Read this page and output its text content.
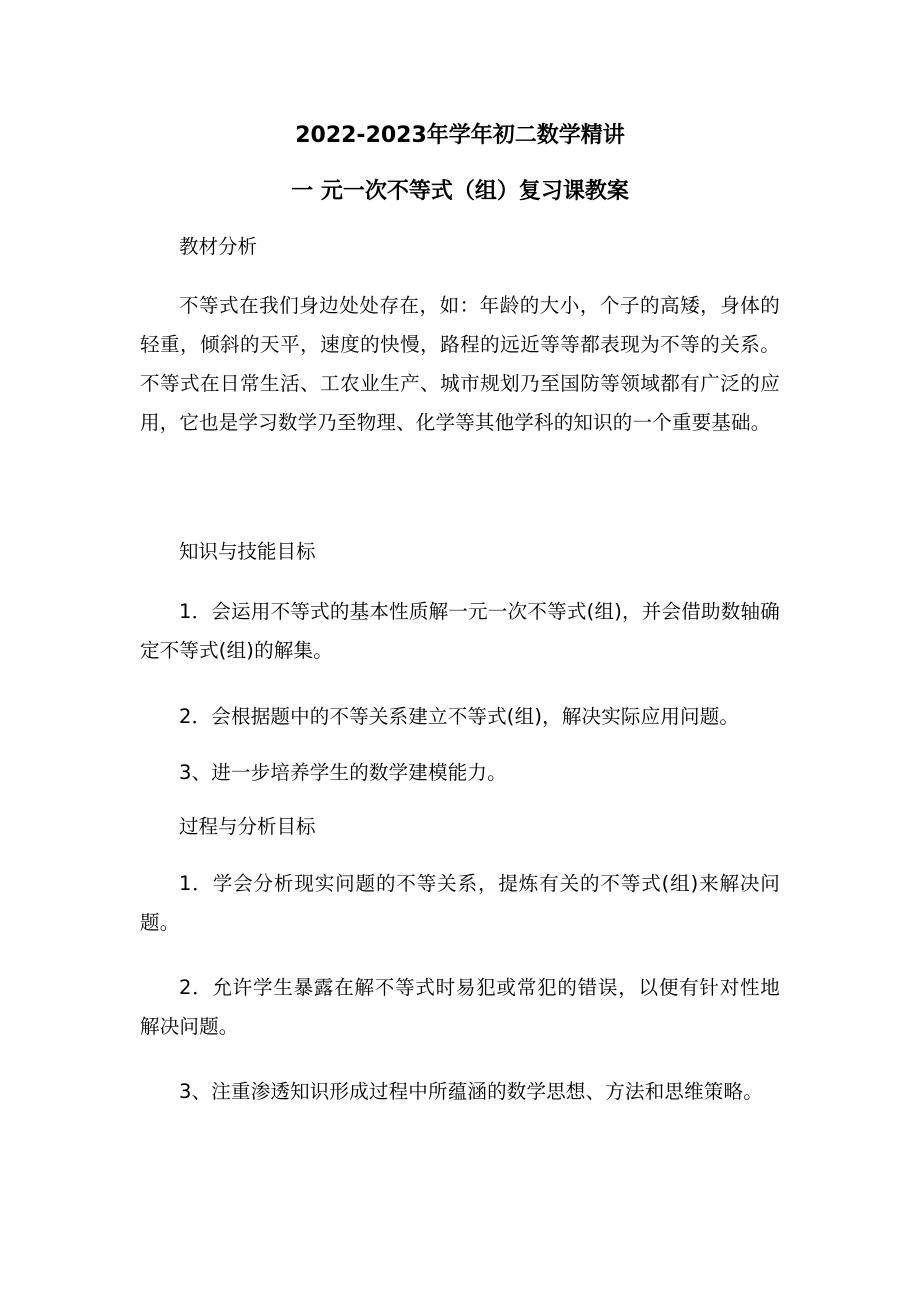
2022-2023年学年初二数学精讲
一 元一次不等式（组）复习课教案
教材分析
不等式在我们身边处处存在，如：年龄的大小，个子的高矮，身体的轻重，倾斜的天平，速度的快慢，路程的远近等等都表现为不等的关系。不等式在日常生活、工农业生产、城市规划乃至国防等领域都有广泛的应用，它也是学习数学乃至物理、化学等其他学科的知识的一个重要基础。
知识与技能目标
1．会运用不等式的基本性质解一元一次不等式(组)，并会借助数轴确定不等式(组)的解集。
2．会根据题中的不等关系建立不等式(组)，解决实际应用问题。
3、进一步培养学生的数学建模能力。
过程与分析目标
1．学会分析现实问题的不等关系，提炼有关的不等式(组)来解决问题。
2．允许学生暴露在解不等式时易犯或常犯的错误，以便有针对性地解决问题。
3、注重渗透知识形成过程中所蕴涵的数学思想、方法和思维策略。
